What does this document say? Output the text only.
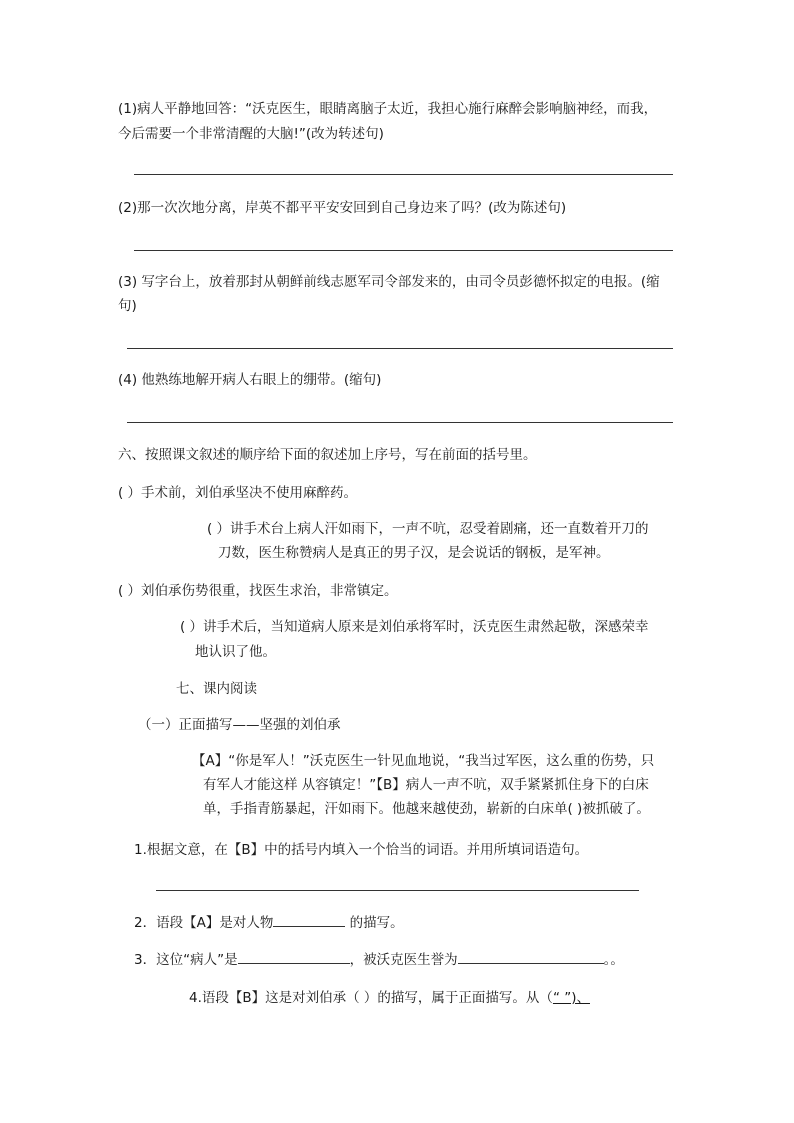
(1)病人平静地回答：“沃克医生，眼睛离脑子太近，我担心施行麻醉会影响脑神经，而我，
今后需要一个非常清醒的大脑!”(改为转述句)
(2)那一次次地分离，岸英不都平平安安回到自己身边来了吗？(改为陈述句)
(3) 写字台上，放着那封从朝鲜前线志愿军司令部发来的，由司令员彭德怀拟定的电报。(缩
句)
(4) 他熟练地解开病人右眼上的绷带。(缩句)
六、按照课文叙述的顺序给下面的叙述加上序号，写在前面的括号里。
( ）手术前，刘伯承坚决不使用麻醉药。
( ）讲手术台上病人汗如雨下，一声不吭，忍受着剧痛，还一直数着开刀的
刀数，医生称赞病人是真正的男子汉，是会说话的钢板，是军神。
( ）刘伯承伤势很重，找医生求治，非常镇定。
( ）讲手术后，当知道病人原来是刘伯承将军时，沃克医生肃然起敬，深感荣幸
地认识了他。
七、课内阅读
（一）正面描写——坚强的刘伯承
【A】“你是军人！”沃克医生一针见血地说，“我当过军医，这么重的伤势，只
有军人才能这样 从容镇定！”【B】病人一声不吭，双手紧紧抓住身下的白床
单，手指青筋暴起，汗如雨下。他越来越使劲，崭新的白床单( )被抓破了。
1.根据文意，在【B】中的括号内填入一个恰当的词语。并用所填词语造句。
2．语段【A】是对人物	的描写。
3．这位“病人”是	，被沃克医生誉为	。。
4.语段【B】这是对刘伯承（ ）的描写，属于正面描写。从（“ ”)、
